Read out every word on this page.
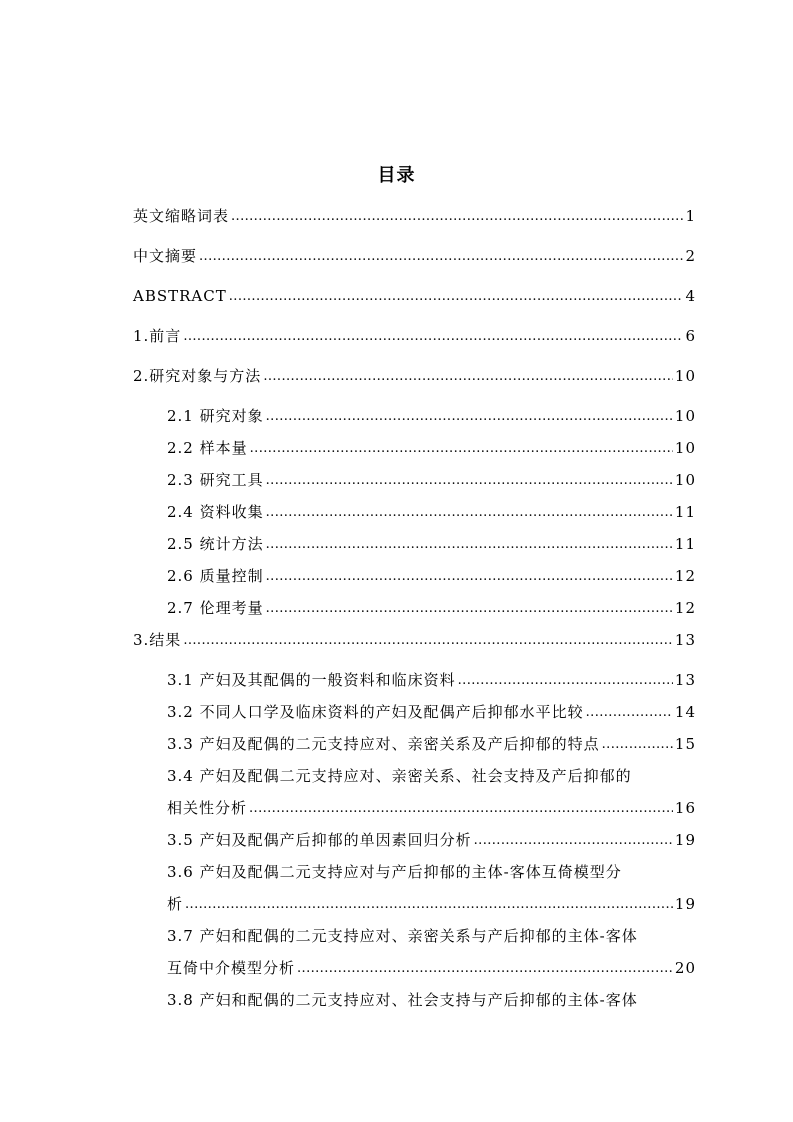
目录
英文缩略词表 .....	1
中文摘要 .....	2
ABSTRACT .....	4
1.前言 .....	6
2.研究对象与方法 .....	10
2.1 研究对象 .....	10
2.2 样本量 .....	10
2.3 研究工具 .....	10
2.4 资料收集 .....	11
2.5 统计方法 .....	11
2.6 质量控制 .....	12
2.7 伦理考量 .....	12
3.结果 .....	13
3.1 产妇及其配偶的一般资料和临床资料 .....	13
3.2 不同人口学及临床资料的产妇及配偶产后抑郁水平比较 .....	14
3.3 产妇及配偶的二元支持应对、亲密关系及产后抑郁的特点 .....	15
3.4 产妇及配偶二元支持应对、亲密关系、社会支持及产后抑郁的
相关性分析 .....	16
3.5 产妇及配偶产后抑郁的单因素回归分析 .....	19
3.6 产妇及配偶二元支持应对与产后抑郁的主体-客体互倚模型分
析 .....	19
3.7 产妇和配偶的二元支持应对、亲密关系与产后抑郁的主体-客体
互倚中介模型分析 .....	20
3.8 产妇和配偶的二元支持应对、社会支持与产后抑郁的主体-客体
